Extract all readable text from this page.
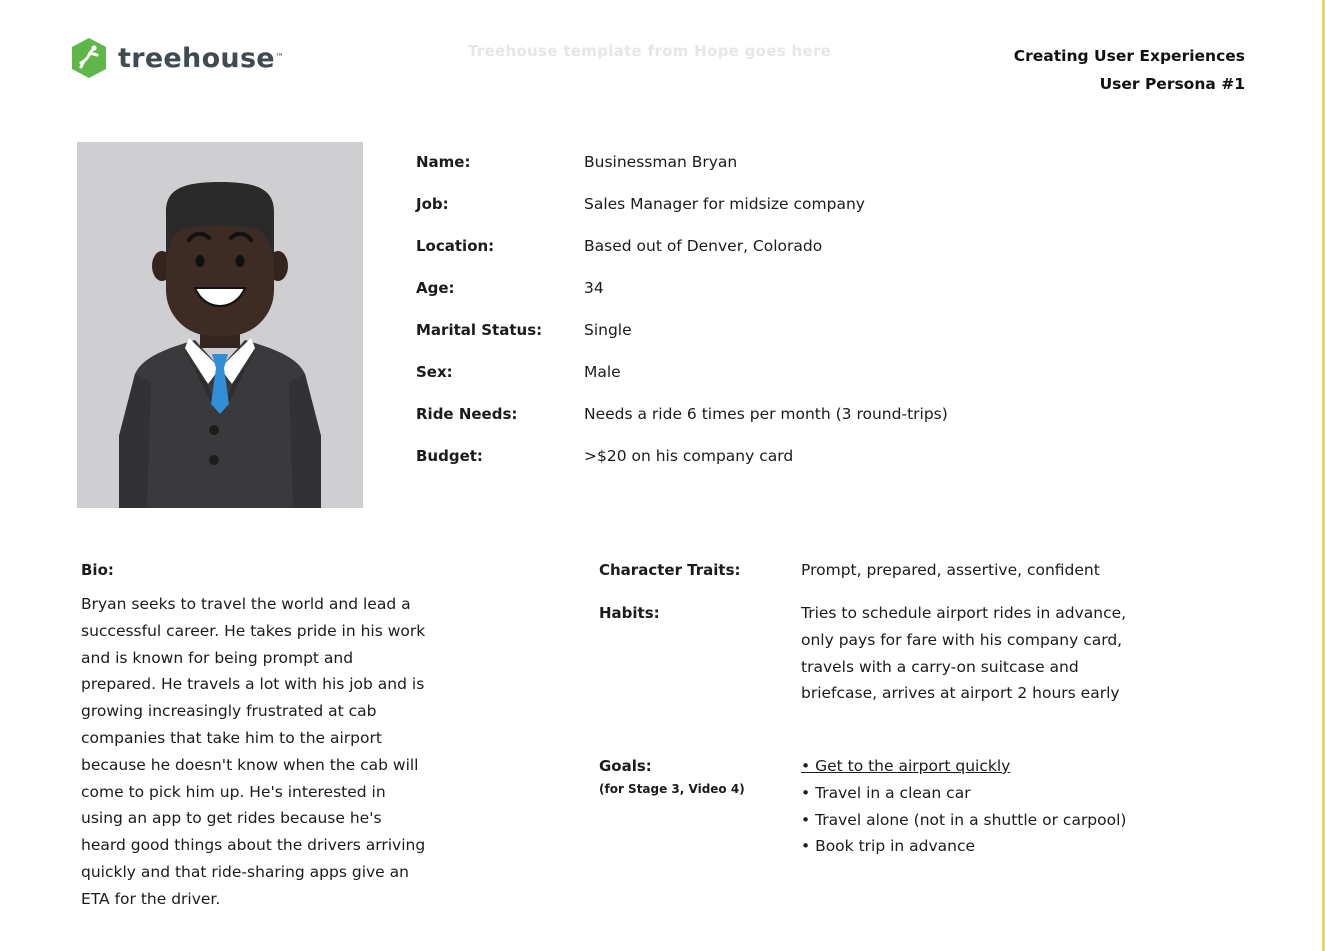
treehouse ™	Treehouse template from Hope goes here	Creating User Experiences
User Persona #1
Name:	Businessman Bryan
Job:	Sales Manager for midsize company
Location:	Based out of Denver, Colorado
Age:	34
Marital Status:	Single
Sex:	Male
Ride Needs:	Needs a ride 6 times per month (3 round-trips)
Budget:	>$20 on his company card
Bio:
Bryan seeks to travel the world and lead a
successful career. He takes pride in his work
and is known for being prompt and
prepared. He travels a lot with his job and is
growing increasingly frustrated at cab
companies that take him to the airport
because he doesn't know when the cab will
come to pick him up. He's interested in
using an app to get rides because he's
heard good things about the drivers arriving
quickly and that ride-sharing apps give an
ETA for the driver.
Character Traits:	Prompt, prepared, assertive, confident
Habits:	Tries to schedule airport rides in advance,
only pays for fare with his company card,
travels with a carry-on suitcase and
briefcase, arrives at airport 2 hours early
Goals:
(for Stage 3, Video 4)
• Get to the airport quickly
• Travel in a clean car
• Travel alone (not in a shuttle or carpool)
• Book trip in advance
